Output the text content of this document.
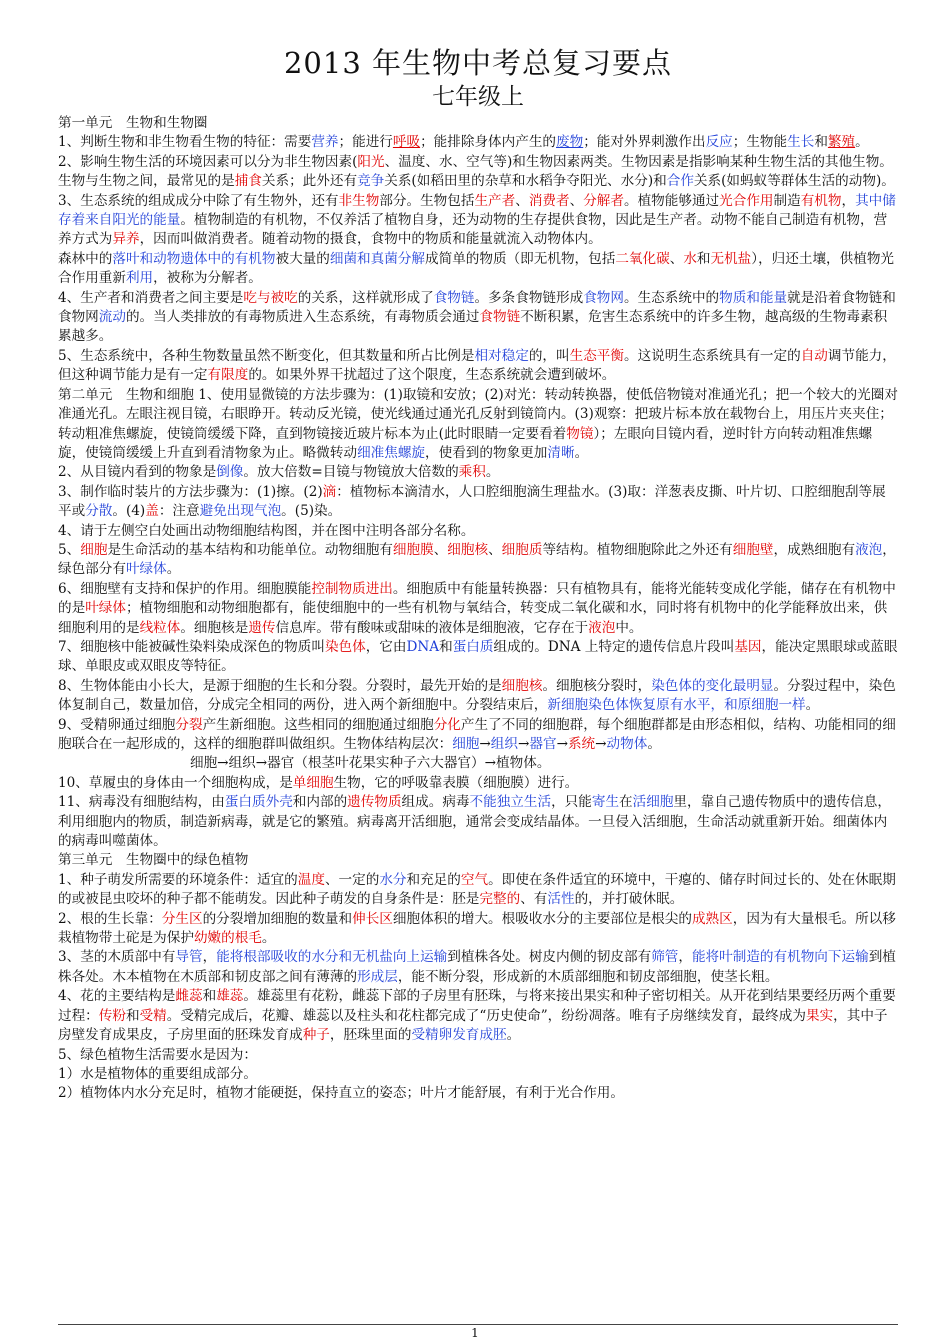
2013 年生物中考总复习要点
七年级上

第一单元　生物和生物圈

1、判断生物和非生物看生物的特征：需要营养；能进行呼吸；能排除身体内产生的废物；能对外界刺激作出反应；生物能生长和繁殖。

2、影响生物生活的环境因素可以分为非生物因素(阳光、温度、水、空气等)和生物因素两类。生物因素是指影响某种生物生活的其他生物。生物与生物之间，最常见的是捕食关系；此外还有竞争关系(如稻田里的杂草和水稻争夺阳光、水分)和合作关系(如蚂蚁等群体生活的动物)。

3、生态系统的组成成分中除了有生物外，还有非生物部分。生物包括生产者、消费者、分解者。植物能够通过光合作用制造有机物，其中储存着来自阳光的能量。植物制造的有机物，不仅养活了植物自身，还为动物的生存提供食物，因此是生产者。动物不能自己制造有机物，营养方式为异养，因而叫做消费者。随着动物的摄食，食物中的物质和能量就流入动物体内。

森林中的落叶和动物遗体中的有机物被大量的细菌和真菌分解成简单的物质（即无机物，包括二氧化碳、水和无机盐），归还土壤，供植物光合作用重新利用，被称为分解者。

4、生产者和消费者之间主要是吃与被吃的关系，这样就形成了食物链。多条食物链形成食物网。生态系统中的物质和能量就是沿着食物链和食物网流动的。当人类排放的有毒物质进入生态系统，有毒物质会通过食物链不断积累，危害生态系统中的许多生物，越高级的生物毒素积累越多。

5、生态系统中，各种生物数量虽然不断变化，但其数量和所占比例是相对稳定的，叫生态平衡。这说明生态系统具有一定的自动调节能力，但这种调节能力是有一定有限度的。如果外界干扰超过了这个限度，生态系统就会遭到破坏。

第二单元　生物和细胞 1、使用显微镜的方法步骤为：(1)取镜和安放；(2)对光：转动转换器，使低倍物镜对准通光孔；把一个较大的光圈对准通光孔。左眼注视目镜，右眼睁开。转动反光镜，使光线通过通光孔反射到镜筒内。(3)观察：把玻片标本放在载物台上，用压片夹夹住；转动粗准焦螺旋，使镜筒缓缓下降，直到物镜接近玻片标本为止(此时眼睛一定要看着物镜）；左眼向目镜内看，逆时针方向转动粗准焦螺旋，使镜筒缓缓上升直到看清物象为止。略微转动细准焦螺旋，使看到的物象更加清晰。

2、从目镜内看到的物象是倒像。放大倍数=目镜与物镜放大倍数的乘积。

3、制作临时装片的方法步骤为：(1)擦。(2)滴：植物标本滴清水，人口腔细胞滴生理盐水。(3)取：洋葱表皮撕、叶片切、口腔细胞刮等展平或分散。(4)盖：注意避免出现气泡。(5)染。

4、请于左侧空白处画出动物细胞结构图，并在图中注明各部分名称。

5、细胞是生命活动的基本结构和功能单位。动物细胞有细胞膜、细胞核、细胞质等结构。植物细胞除此之外还有细胞壁，成熟细胞有液泡，绿色部分有叶绿体。

6、细胞壁有支持和保护的作用。细胞膜能控制物质进出。细胞质中有能量转换器：只有植物具有，能将光能转变成化学能，储存在有机物中的是叶绿体；植物细胞和动物细胞都有，能使细胞中的一些有机物与氧结合，转变成二氧化碳和水，同时将有机物中的化学能释放出来，供细胞利用的是线粒体。细胞核是遗传信息库。带有酸味或甜味的液体是细胞液，它存在于液泡中。

7、细胞核中能被碱性染料染成深色的物质叫染色体，它由DNA和蛋白质组成的。DNA 上特定的遗传信息片段叫基因，能决定黑眼球或蓝眼球、单眼皮或双眼皮等特征。

8、生物体能由小长大，是源于细胞的生长和分裂。分裂时，最先开始的是细胞核。细胞核分裂时，染色体的变化最明显。分裂过程中，染色体复制自己，数量加倍，分成完全相同的两份，进入两个新细胞中。分裂结束后，新细胞染色体恢复原有水平，和原细胞一样。

9、受精卵通过细胞分裂产生新细胞。这些相同的细胞通过细胞分化产生了不同的细胞群，每个细胞群都是由形态相似，结构、功能相同的细胞联合在一起形成的，这样的细胞群叫做组织。生物体结构层次：细胞→组织→器官→系统→动物体。

细胞→组织→器官（根茎叶花果实种子六大器官）→植物体。

10、草履虫的身体由一个细胞构成，是单细胞生物，它的呼吸靠表膜（细胞膜）进行。

11、病毒没有细胞结构，由蛋白质外壳和内部的遗传物质组成。病毒不能独立生活，只能寄生在活细胞里，靠自己遗传物质中的遗传信息，利用细胞内的物质，制造新病毒，就是它的繁殖。病毒离开活细胞，通常会变成结晶体。一旦侵入活细胞，生命活动就重新开始。细菌体内的病毒叫噬菌体。

第三单元　生物圈中的绿色植物

1、种子萌发所需要的环境条件：适宜的温度、一定的水分和充足的空气。即使在条件适宜的环境中，干瘪的、储存时间过长的、处在休眠期的或被昆虫咬坏的种子都不能萌发。因此种子萌发的自身条件是：胚是完整的、有活性的，并打破休眠。

2、根的生长靠：分生区的分裂增加细胞的数量和伸长区细胞体积的增大。根吸收水分的主要部位是根尖的成熟区，因为有大量根毛。所以移栽植物带土砣是为保护幼嫩的根毛。

3、茎的木质部中有导管，能将根部吸收的水分和无机盐向上运输到植株各处。树皮内侧的韧皮部有筛管，能将叶制造的有机物向下运输到植株各处。木本植物在木质部和韧皮部之间有薄薄的形成层，能不断分裂，形成新的木质部细胞和韧皮部细胞，使茎长粗。

4、花的主要结构是雌蕊和雄蕊。雄蕊里有花粉，雌蕊下部的子房里有胚珠，与将来接出果实和种子密切相关。从开花到结果要经历两个重要过程：传粉和受精。受精完成后，花瓣、雄蕊以及柱头和花柱都完成了“历史使命”，纷纷凋落。唯有子房继续发育，最终成为果实，其中子房壁发育成果皮，子房里面的胚珠发育成种子，胚珠里面的受精卵发育成胚。

5、绿色植物生活需要水是因为：

1）水是植物体的重要组成部分。

2）植物体内水分充足时，植物才能硬挺，保持直立的姿态；叶片才能舒展，有利于光合作用。

1
